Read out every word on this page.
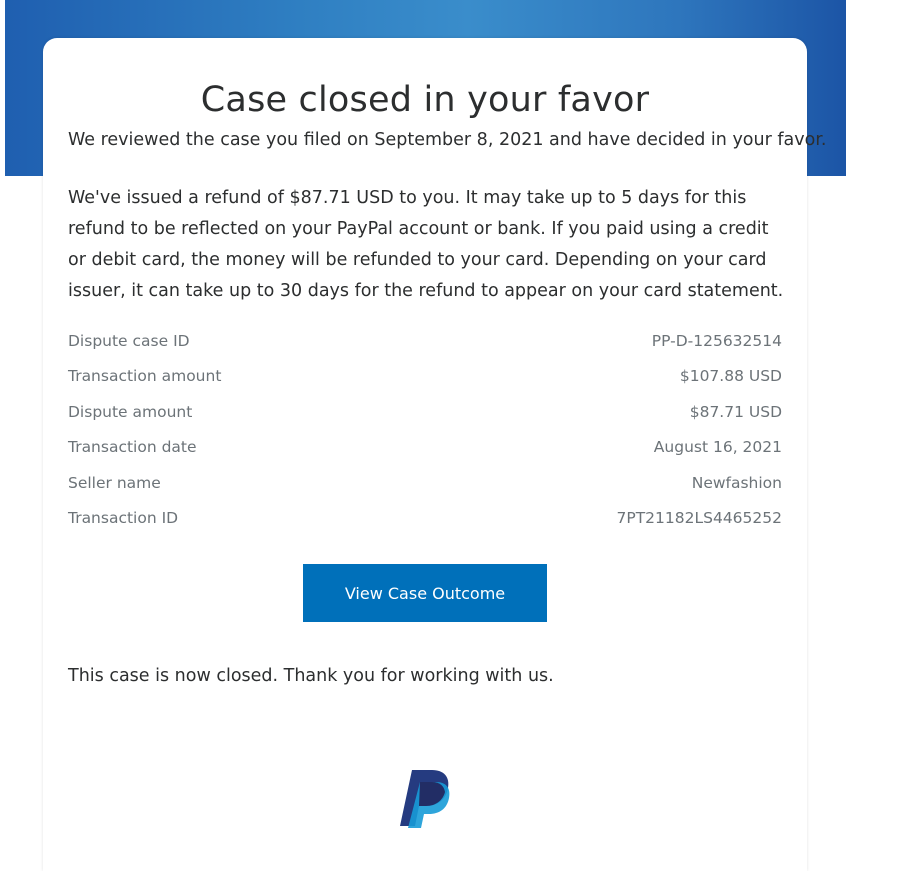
Case closed in your favor

We reviewed the case you filed on September 8, 2021 and have decided in your favor.

We've issued a refund of $87.71 USD to you. It may take up to 5 days for this refund to be reflected on your PayPal account or bank. If you paid using a credit or debit card, the money will be refunded to your card. Depending on your card issuer, it can take up to 30 days for the refund to appear on your card statement.

Dispute case ID	PP-D-125632514
Transaction amount	$107.88 USD
Dispute amount	$87.71 USD
Transaction date	August 16, 2021
Seller name	Newfashion
Transaction ID	7PT21182LS4465252
View Case Outcome

This case is now closed. Thank you for working with us.
